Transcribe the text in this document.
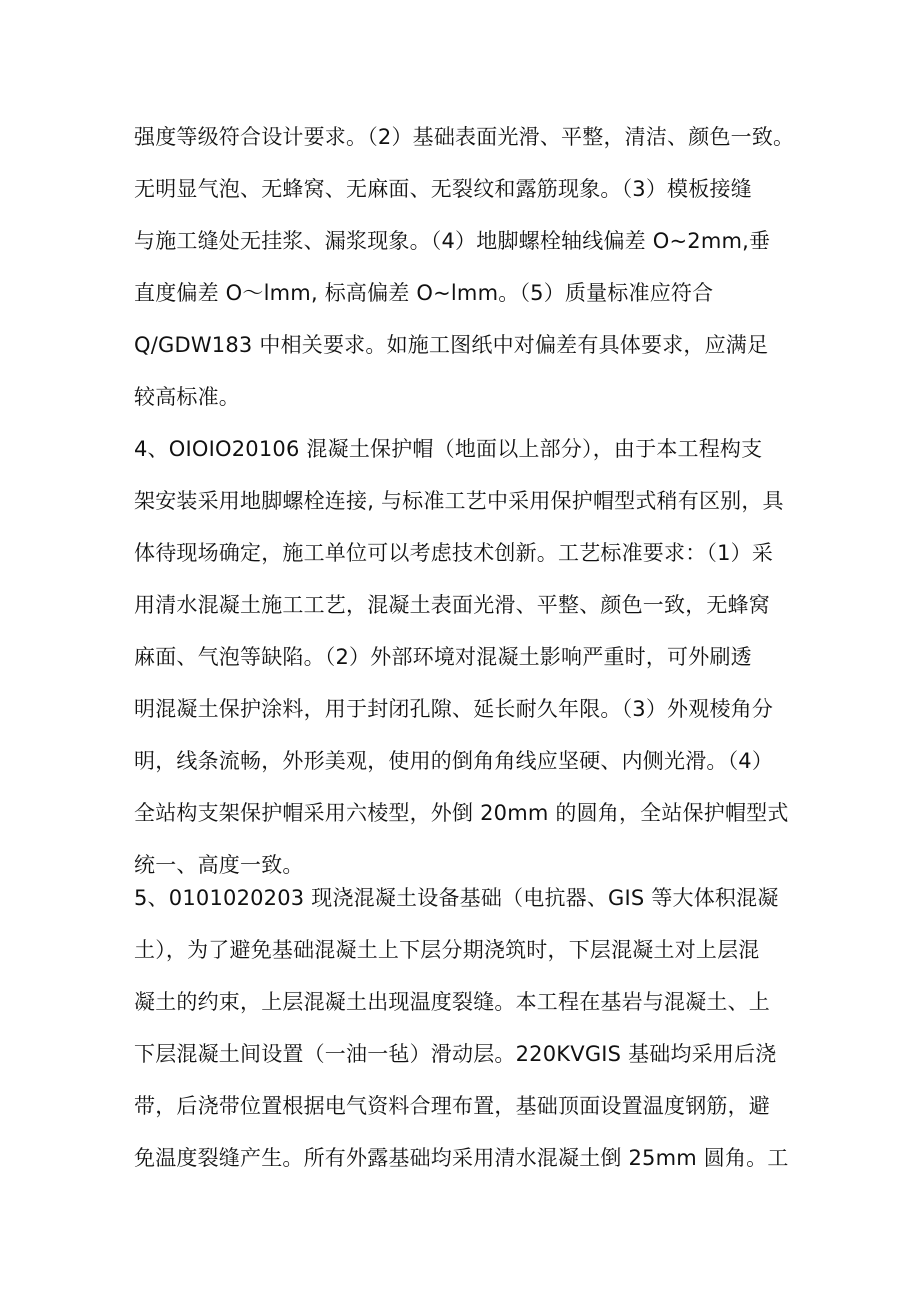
强度等级符合设计要求。（2）基础表面光滑、平整，清洁、颜色一致。
无明显气泡、无蜂窝、无麻面、无裂纹和露筋现象。（3）模板接缝
与施工缝处无挂浆、漏浆现象。（4）地脚螺栓轴线偏差 O~2mm,垂
直度偏差 O～lmm, 标高偏差 O~lmm。（5）质量标准应符合
Q/GDW183 中相关要求。如施工图纸中对偏差有具体要求，应满足
较高标准。
4、OIOIO20106 混凝土保护帽（地面以上部分），由于本工程构支
架安装采用地脚螺栓连接, 与标准工艺中采用保护帽型式稍有区别，具
体待现场确定，施工单位可以考虑技术创新。工艺标准要求：（1）采
用清水混凝土施工工艺，混凝土表面光滑、平整、颜色一致，无蜂窝
麻面、气泡等缺陷。（2）外部环境对混凝土影响严重时，可外刷透
明混凝土保护涂料，用于封闭孔隙、延长耐久年限。（3）外观棱角分
明，线条流畅，外形美观，使用的倒角角线应坚硬、内侧光滑。（4）
全站构支架保护帽采用六棱型，外倒 20mm 的圆角，全站保护帽型式
统一、高度一致。
5、0101020203 现浇混凝土设备基础（电抗器、GIS 等大体积混凝
土），为了避免基础混凝土上下层分期浇筑时，下层混凝土对上层混
凝土的约束，上层混凝土出现温度裂缝。本工程在基岩与混凝土、上
下层混凝土间设置（一油一毡）滑动层。220KVGIS 基础均采用后浇
带，后浇带位置根据电气资料合理布置，基础顶面设置温度钢筋，避
免温度裂缝产生。所有外露基础均采用清水混凝土倒 25mm 圆角。工
